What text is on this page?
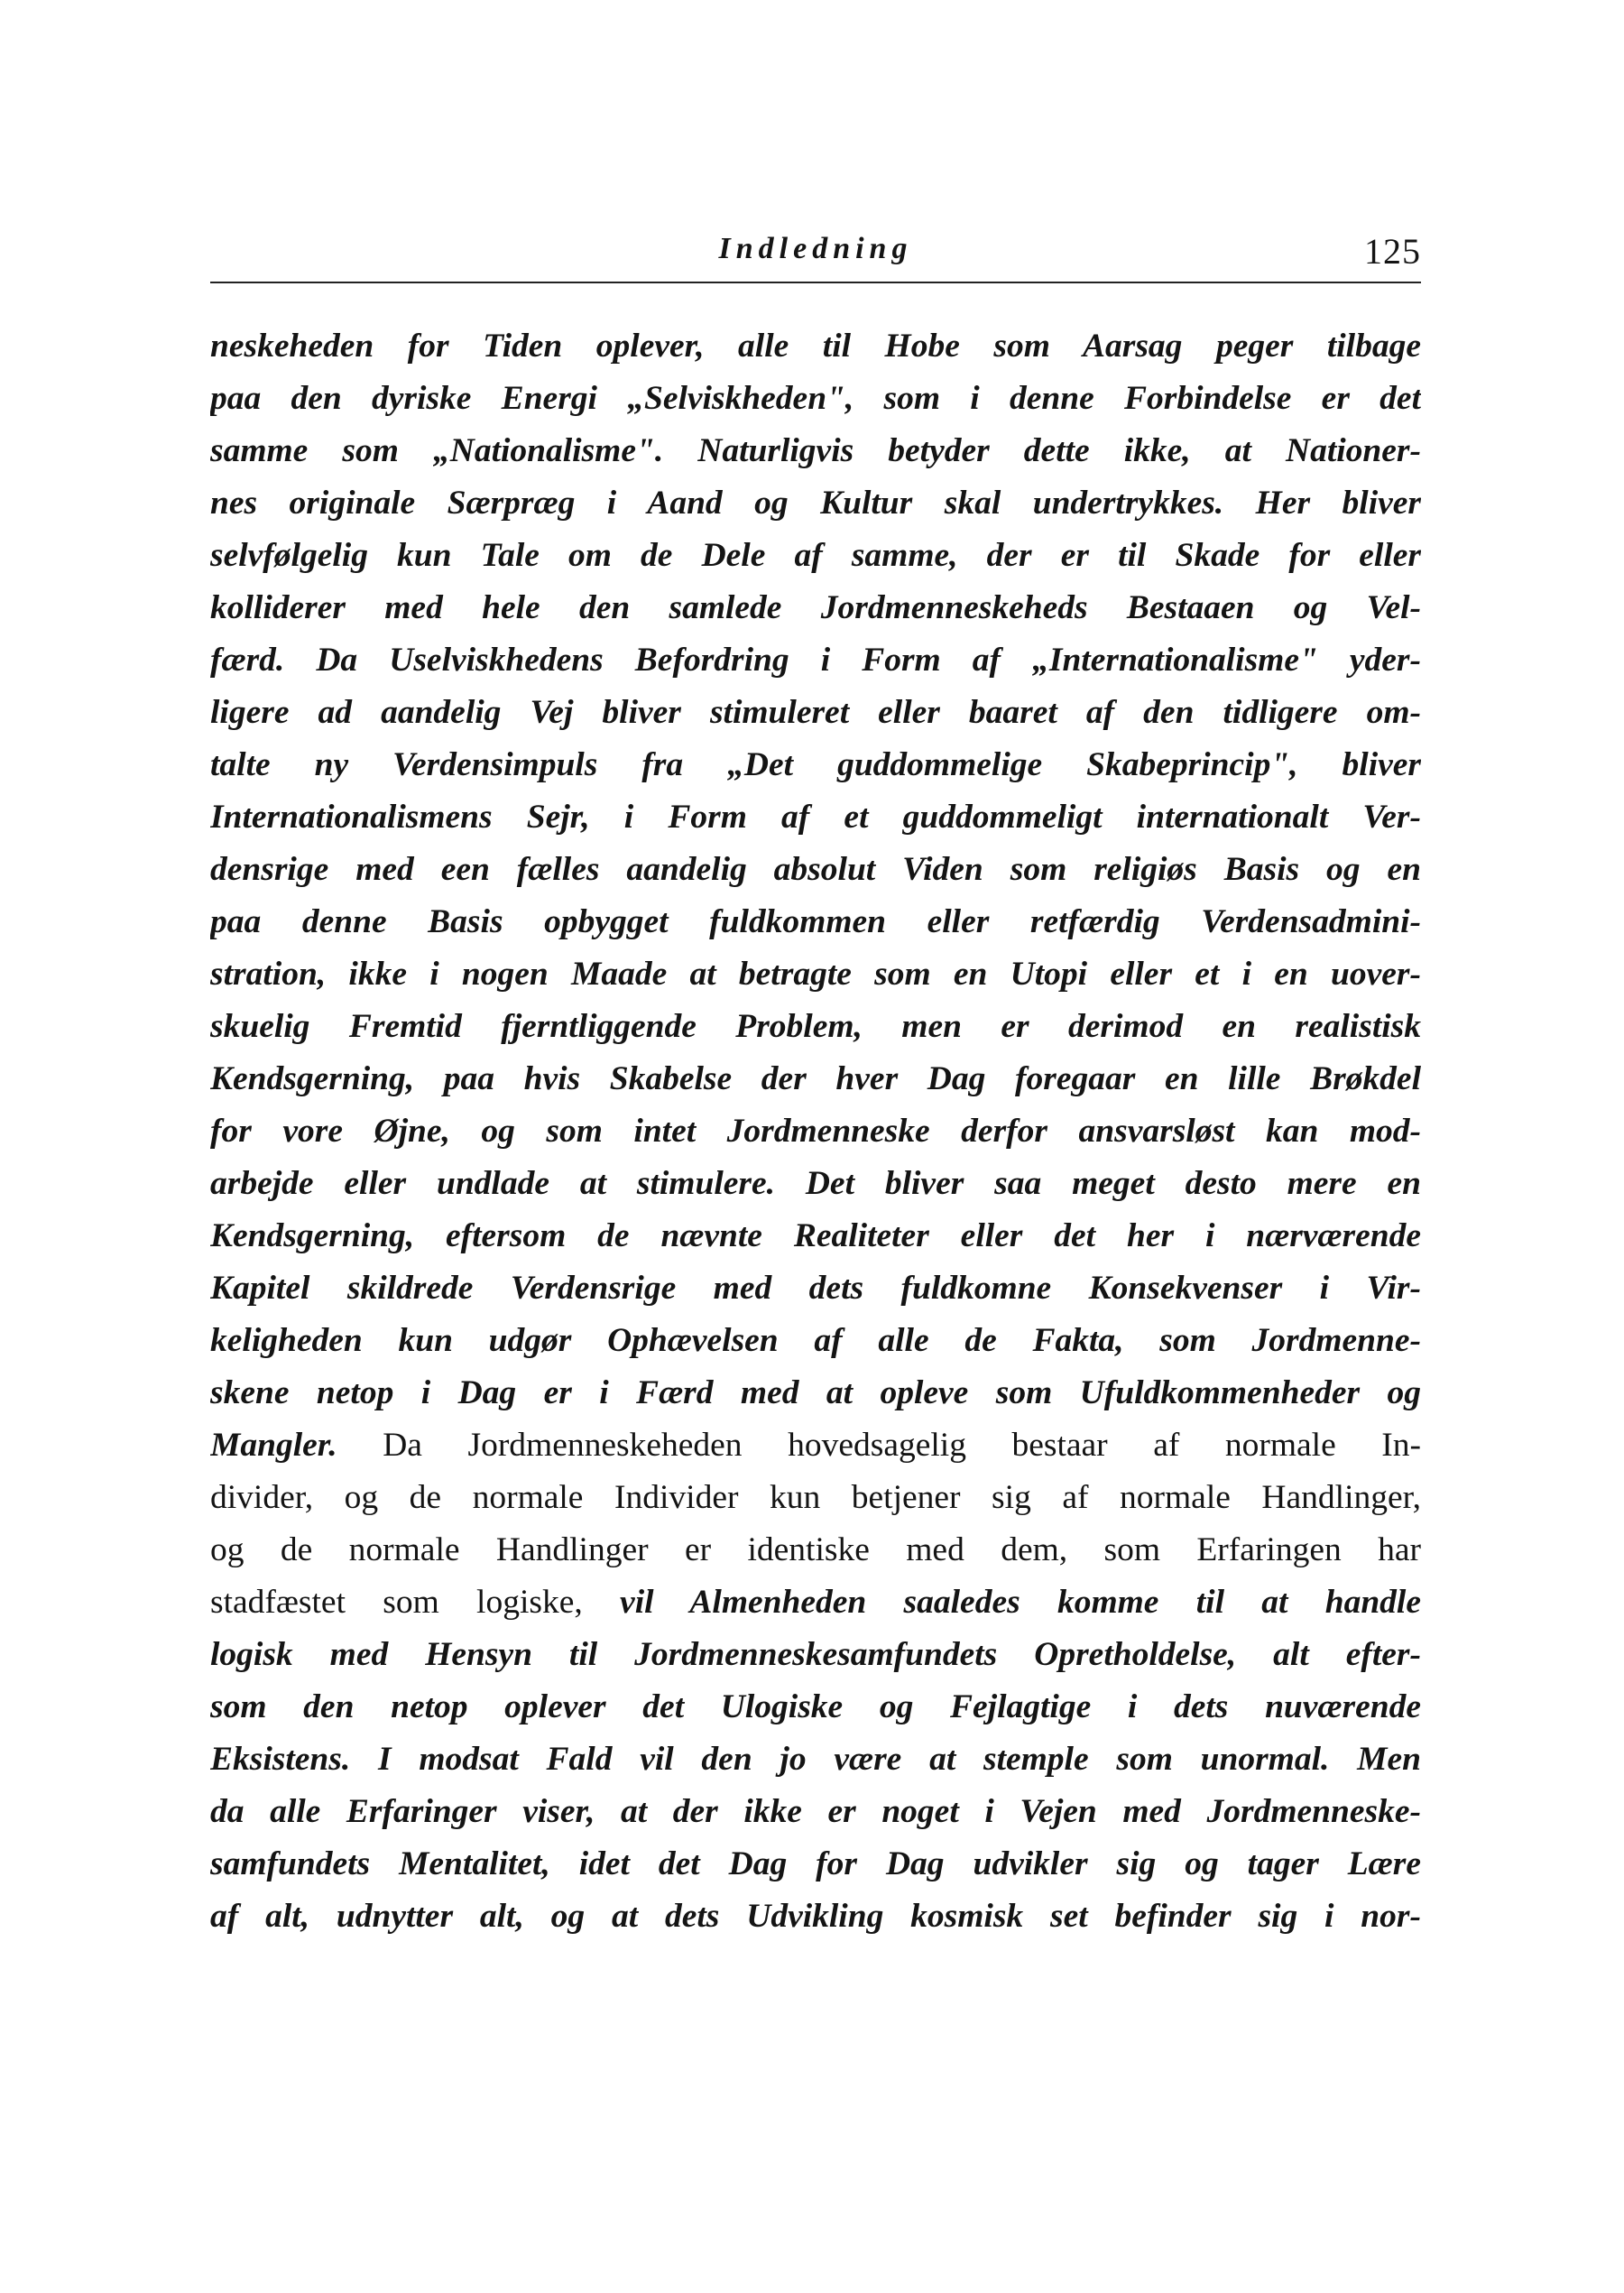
Indledning	125
neskeheden for Tiden oplever, alle til Hobe som Aarsag peger tilbage
paa den dyriske Energi „Selviskheden", som i denne Forbindelse er det
samme som „Nationalisme". Naturligvis betyder dette ikke, at Nationer-
nes originale Særpræg i Aand og Kultur skal undertrykkes. Her bliver
selvfølgelig kun Tale om de Dele af samme, der er til Skade for eller
kolliderer med hele den samlede Jordmenneskeheds Bestaaen og Vel-
færd. Da Uselviskhedens Befordring i Form af „Internationalisme" yder-
ligere ad aandelig Vej bliver stimuleret eller baaret af den tidligere om-
talte ny Verdensimpuls fra „Det guddommelige Skabeprincip", bliver
Internationalismens Sejr, i Form af et guddommeligt internationalt Ver-
densrige med een fælles aandelig absolut Viden som religiøs Basis og en
paa denne Basis opbygget fuldkommen eller retfærdig Verdensadmini-
stration, ikke i nogen Maade at betragte som en Utopi eller et i en uover-
skuelig Fremtid fjerntliggende Problem, men er derimod en realistisk
Kendsgerning, paa hvis Skabelse der hver Dag foregaar en lille Brøkdel
for vore Øjne, og som intet Jordmenneske derfor ansvarsløst kan mod-
arbejde eller undlade at stimulere. Det bliver saa meget desto mere en
Kendsgerning, eftersom de nævnte Realiteter eller det her i nærværende
Kapitel skildrede Verdensrige med dets fuldkomne Konsekvenser i Vir-
keligheden kun udgør Ophævelsen af alle de Fakta, som Jordmenne-
skene netop i Dag er i Færd med at opleve som Ufuldkommenheder og
Mangler. Da Jordmenneskeheden hovedsagelig bestaar af normale In-
divider, og de normale Individer kun betjener sig af normale Handlinger,
og de normale Handlinger er identiske med dem, som Erfaringen har
stadfæstet som logiske, vil Almenheden saaledes komme til at handle
logisk med Hensyn til Jordmenneskesamfundets Opretholdelse, alt efter-
som den netop oplever det Ulogiske og Fejlagtige i dets nuværende
Eksistens. I modsat Fald vil den jo være at stemple som unormal. Men
da alle Erfaringer viser, at der ikke er noget i Vejen med Jordmenneske-
samfundets Mentalitet, idet det Dag for Dag udvikler sig og tager Lære
af alt, udnytter alt, og at dets Udvikling kosmisk set befinder sig i nor-
